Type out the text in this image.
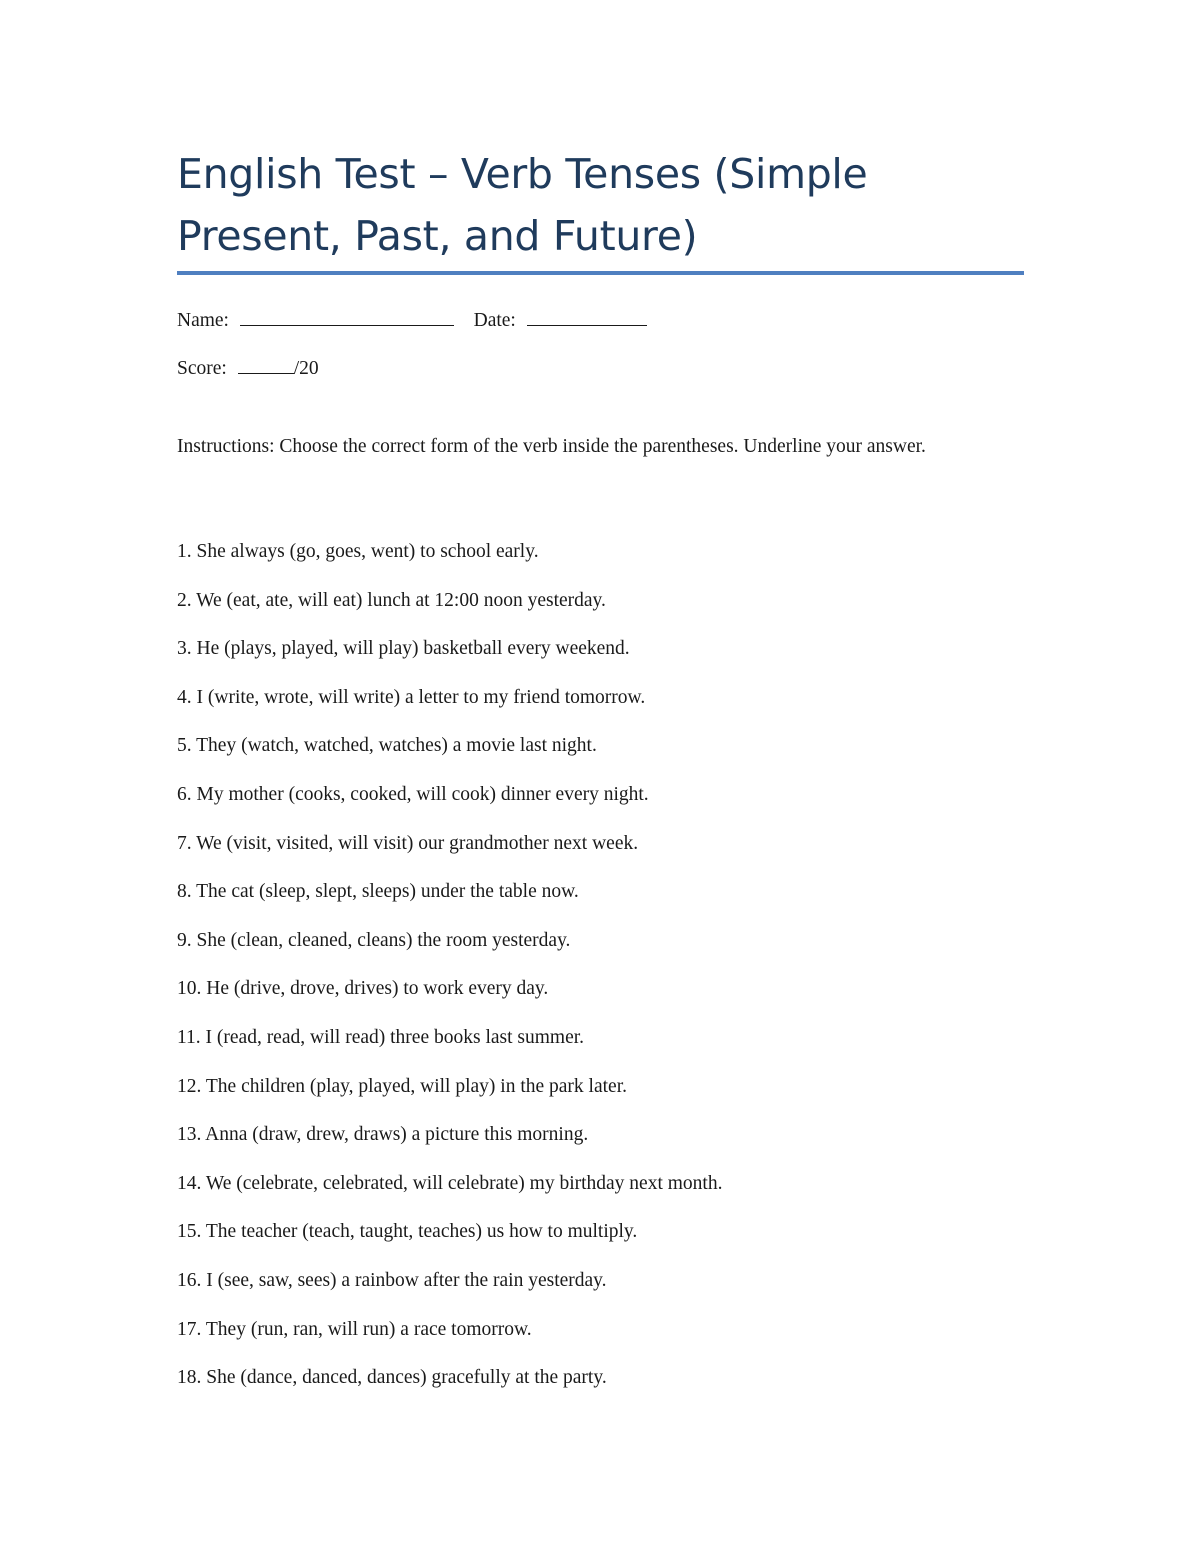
English Test – Verb Tenses (Simple Present, Past, and Future)
Name:	Date:
Score:	/20

Instructions: Choose the correct form of the verb inside the parentheses. Underline your answer.

1. She always (go, goes, went) to school early.
2. We (eat, ate, will eat) lunch at 12:00 noon yesterday.
3. He (plays, played, will play) basketball every weekend.
4. I (write, wrote, will write) a letter to my friend tomorrow.
5. They (watch, watched, watches) a movie last night.
6. My mother (cooks, cooked, will cook) dinner every night.
7. We (visit, visited, will visit) our grandmother next week.
8. The cat (sleep, slept, sleeps) under the table now.
9. She (clean, cleaned, cleans) the room yesterday.
10. He (drive, drove, drives) to work every day.
11. I (read, read, will read) three books last summer.
12. The children (play, played, will play) in the park later.
13. Anna (draw, drew, draws) a picture this morning.
14. We (celebrate, celebrated, will celebrate) my birthday next month.
15. The teacher (teach, taught, teaches) us how to multiply.
16. I (see, saw, sees) a rainbow after the rain yesterday.
17. They (run, ran, will run) a race tomorrow.
18. She (dance, danced, dances) gracefully at the party.
